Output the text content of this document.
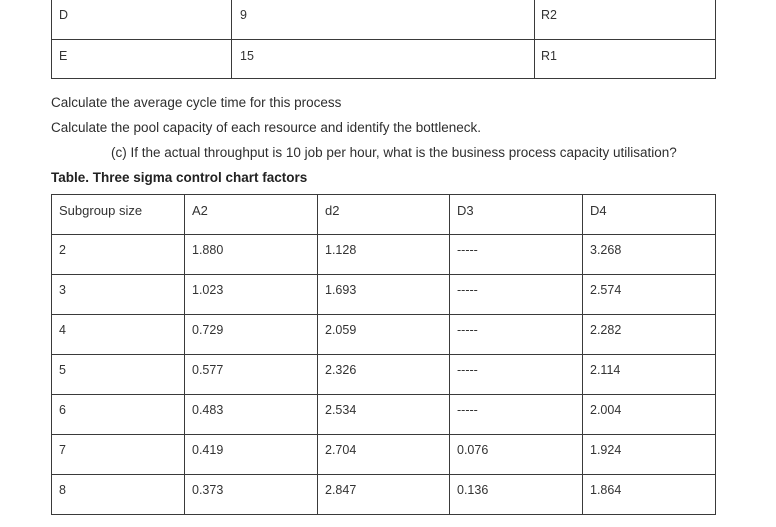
D	9	R2
E	15	R1
Calculate the average cycle time for this process
Calculate the pool capacity of each resource and identify the bottleneck.
(c) If the actual throughput is 10 job per hour, what is the business process capacity utilisation?
Table. Three sigma control chart factors
Subgroup size	A2	d2	D3	D4
2	1.880	1.128	-----	3.268
3	1.023	1.693	-----	2.574
4	0.729	2.059	-----	2.282
5	0.577	2.326	-----	2.114
6	0.483	2.534	-----	2.004
7	0.419	2.704	0.076	1.924
8	0.373	2.847	0.136	1.864
